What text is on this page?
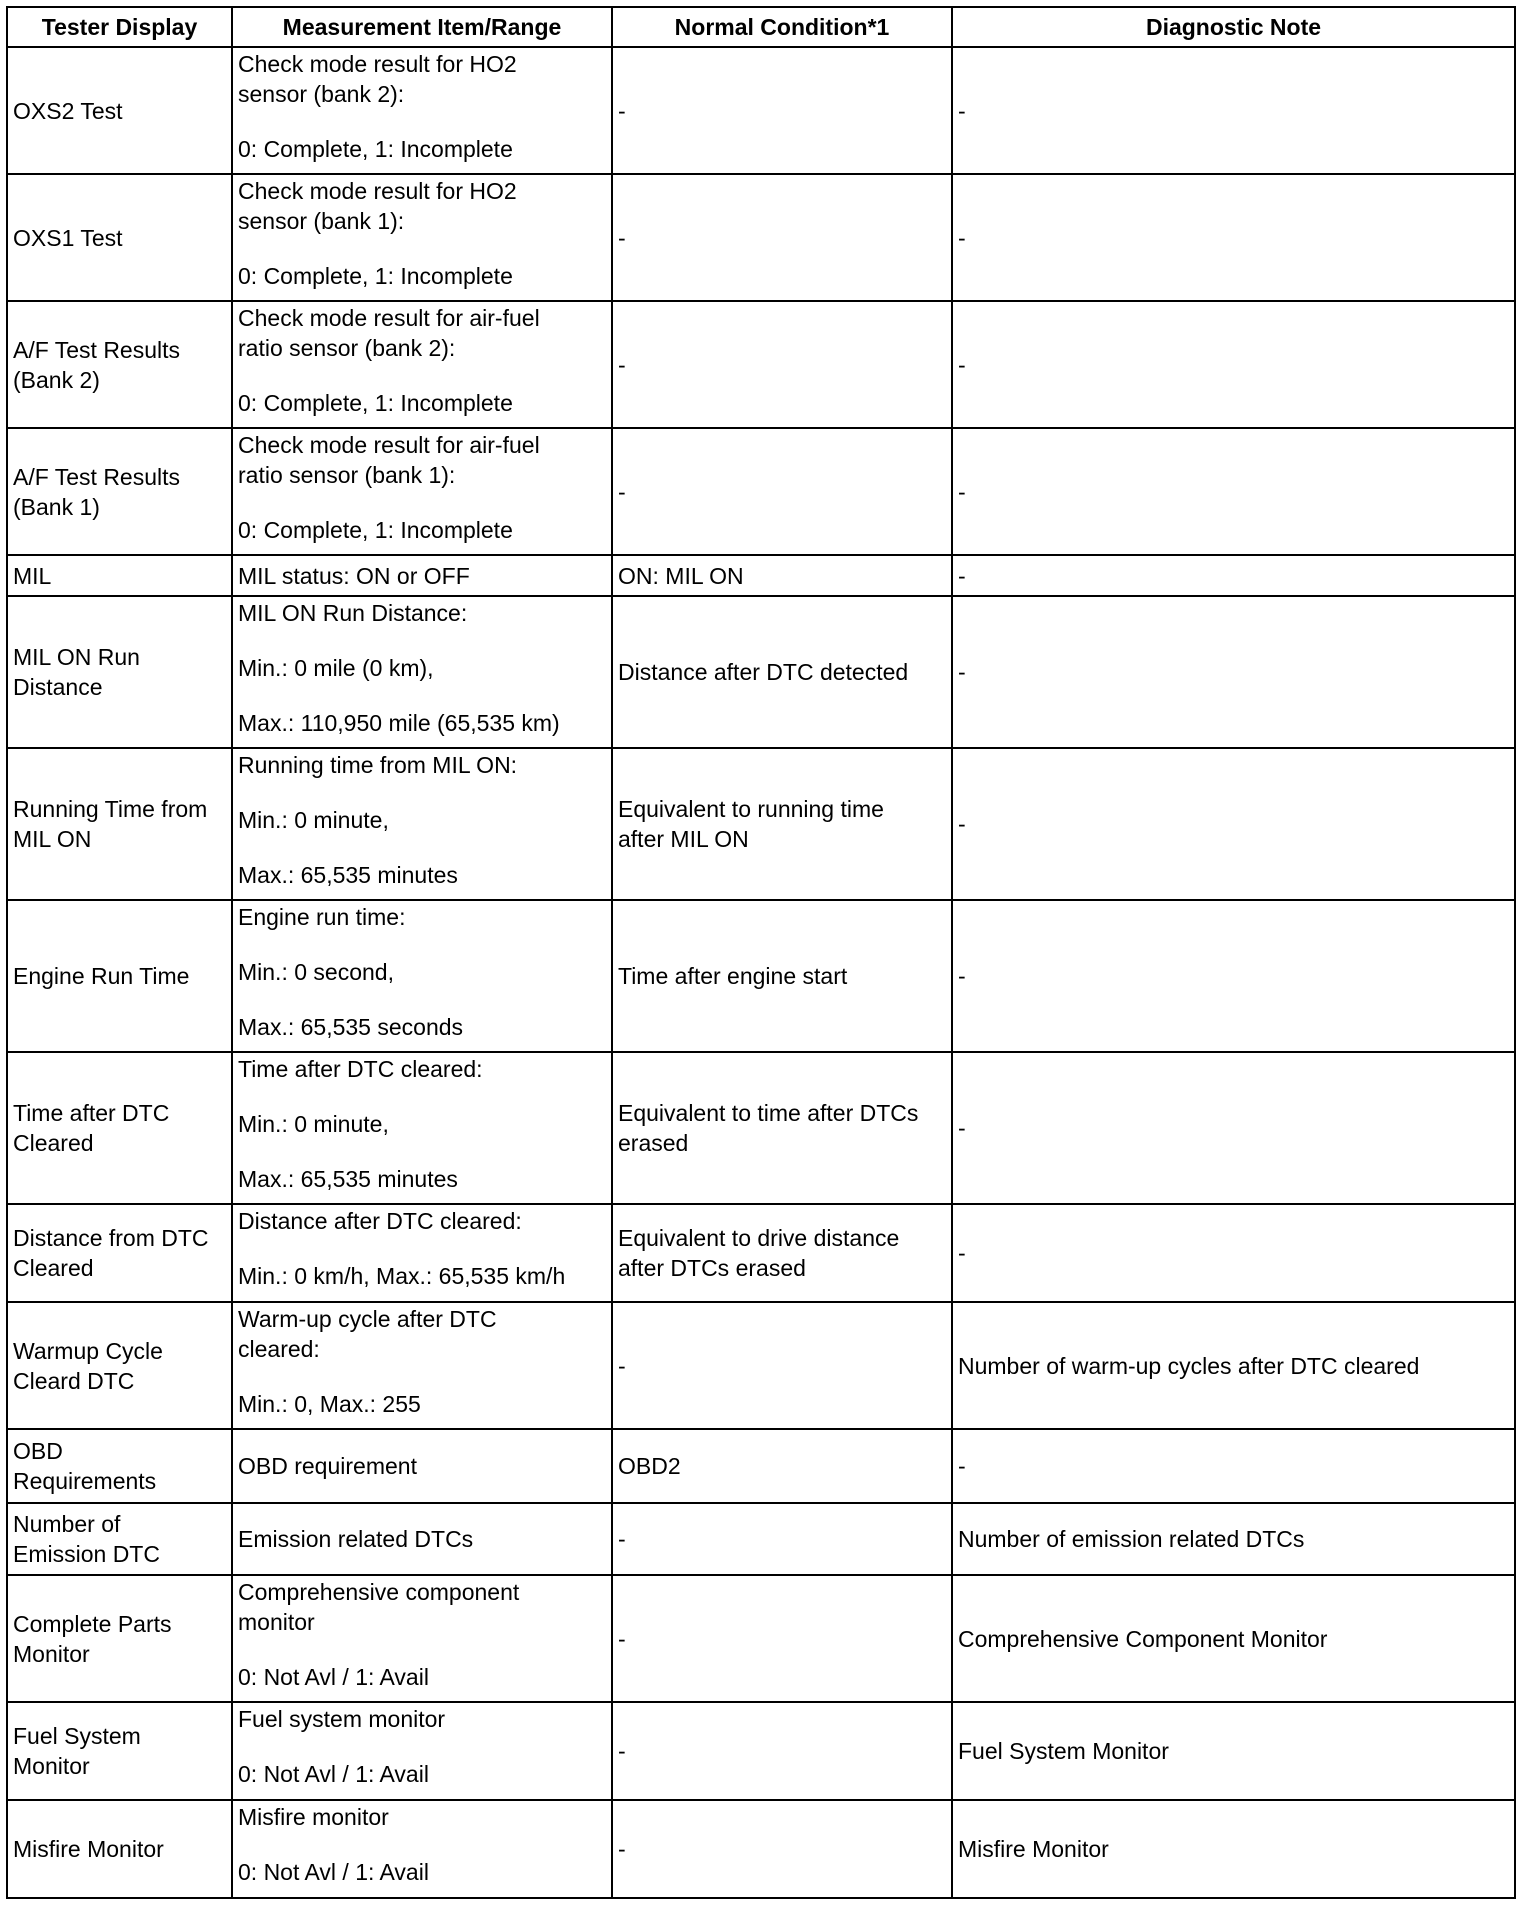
Tester Display	Measurement Item/Range	Normal Condition*1	Diagnostic Note

OXS2 Test	Check mode result for HO2
sensor (bank 2):
0: Complete, 1: Incomplete	-	-

OXS1 Test	Check mode result for HO2
sensor (bank 1):
0: Complete, 1: Incomplete	-	-

A/F Test Results
(Bank 2)	Check mode result for air-fuel
ratio sensor (bank 2):
0: Complete, 1: Incomplete	-	-

A/F Test Results
(Bank 1)	Check mode result for air-fuel
ratio sensor (bank 1):
0: Complete, 1: Incomplete	-	-

MIL	MIL status: ON or OFF	ON: MIL ON	-

MIL ON Run
Distance	MIL ON Run Distance:
Min.: 0 mile (0 km),
Max.: 110,950 mile (65,535 km)	Distance after DTC detected	-

Running Time from
MIL ON	Running time from MIL ON:
Min.: 0 minute,
Max.: 65,535 minutes	Equivalent to running time
after MIL ON	-

Engine Run Time	Engine run time:
Min.: 0 second,
Max.: 65,535 seconds	Time after engine start	-

Time after DTC
Cleared	Time after DTC cleared:
Min.: 0 minute,
Max.: 65,535 minutes	Equivalent to time after DTCs
erased	-

Distance from DTC
Cleared	Distance after DTC cleared:
Min.: 0 km/h, Max.: 65,535 km/h	Equivalent to drive distance
after DTCs erased	-

Warmup Cycle
Cleard DTC	Warm-up cycle after DTC
cleared:
Min.: 0, Max.: 255	-	Number of warm-up cycles after DTC cleared

OBD
Requirements	OBD requirement	OBD2	-

Number of
Emission DTC	Emission related DTCs	-	Number of emission related DTCs

Complete Parts
Monitor	Comprehensive component
monitor
0: Not Avl / 1: Avail	-	Comprehensive Component Monitor

Fuel System
Monitor	Fuel system monitor
0: Not Avl / 1: Avail	-	Fuel System Monitor

Misfire Monitor	Misfire monitor
0: Not Avl / 1: Avail	-	Misfire Monitor
